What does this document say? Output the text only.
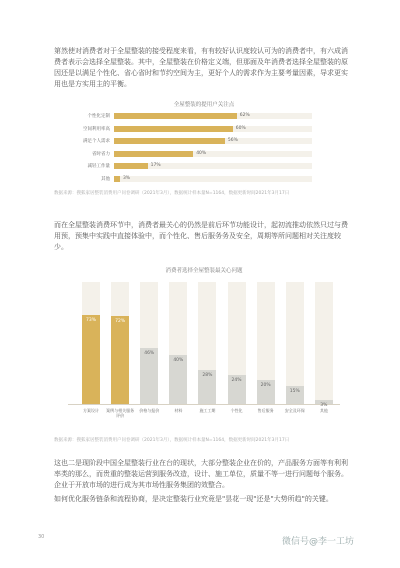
第然使对消费者对于全屋整装的接受程度来看，有有较好认识度较认可为的消费者中，有六成消费者表示会选择全屋整装。其中，全屋整装在价格定义端，但那面及年消费者选择全屋整装的原因还是以满足个性化、省心省时和节约空间为主，更好个人的需求作为主要考量因素，导求更实用也是方实用主的平衡。

全屋整装的提用户关注点

个性化定制	62%
空间利用率高	60%
满足个人需求	56%
省时省力	40%
减轻工作量	17%
其他	3%

数据来源：搜狐家居整装消费用户问卷调研（2021年3月），数据统计样本量N=1164，数据更新时间2021年3月17日

而在全屋整装消费环节中，消费者最关心的仍然是前后环节功能设计，起初流推动依然只过与费用预，预集中实践中直接体验中，而个性化、售后服务务及安全，周期等所问题相对关注度较少。

消费者选择全屋整装最关心问题

73%
方案设计
72%
案例与相关服务评价
46%
价格与报价
40%
材料
28%
施工工期
24%
个性化
20%
售后服务
15%
安全及环保
3%
其他

数据来源：搜狐家居整装消费用户问卷调研（2021年3月），数据统计样本量N=1164，数据更新时间2021年3月17日

这也二是现阶段中国全屋整装行业在台的现状，大部分整装企业在价的，产品服务方面等有利利率类的那么，而贵重的整装运营到服务改造，设计、施工单位，质量不等一进行问题每个服务。企业于开放市场的进行成为其市场性服务集团的效整合。

如何优化服务链条和流程协商，是决定整装行业究竟是"昙花一现"还是"大势所趋"的关键。

30	微信号@李一工坊
